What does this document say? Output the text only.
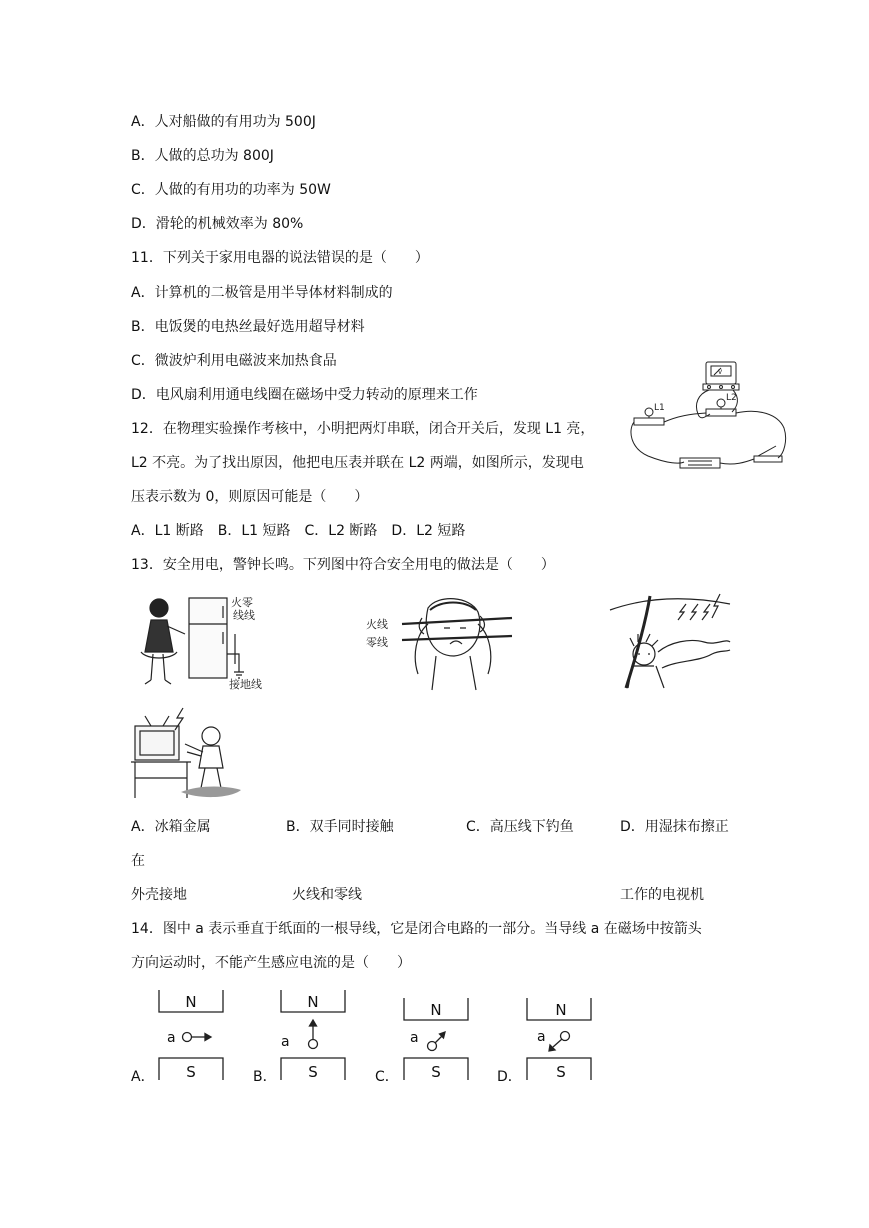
A．人对船做的有用功为 500J
B．人做的总功为 800J
C．人做的有用功的功率为 50W
D．滑轮的机械效率为 80%
11．下列关于家用电器的说法错误的是（　　）
A．计算机的二极管是用半导体材料制成的
B．电饭煲的电热丝最好选用超导材料
C．微波炉利用电磁波来加热食品
D．电风扇利用通电线圈在磁场中受力转动的原理来工作
12．在物理实验操作考核中，小明把两灯串联，闭合开关后，发现 L1 亮，
L2 不亮。为了找出原因，他把电压表并联在 L2 两端，如图所示，发现电
压表示数为 0，则原因可能是（　　）
A．L1 断路　B．L1 短路　C．L2 断路　D．L2 短路
L1
L2
V
13．安全用电，警钟长鸣。下列图中符合安全用电的做法是（　　）
火零
线线
接地线
火线
零线
A．冰箱金属	B．双手同时接触	C．高压线下钓鱼	D．用湿抹布擦正
在
外壳接地	火线和零线	工作的电视机
14．图中 a 表示垂直于纸面的一根导线，它是闭合电路的一部分。当导线 a 在磁场中按箭头
方向运动时，不能产生感应电流的是（　　）
A．	B．	C．	D．
N
S
a
N
S
a
N
S
a
N
S
a
